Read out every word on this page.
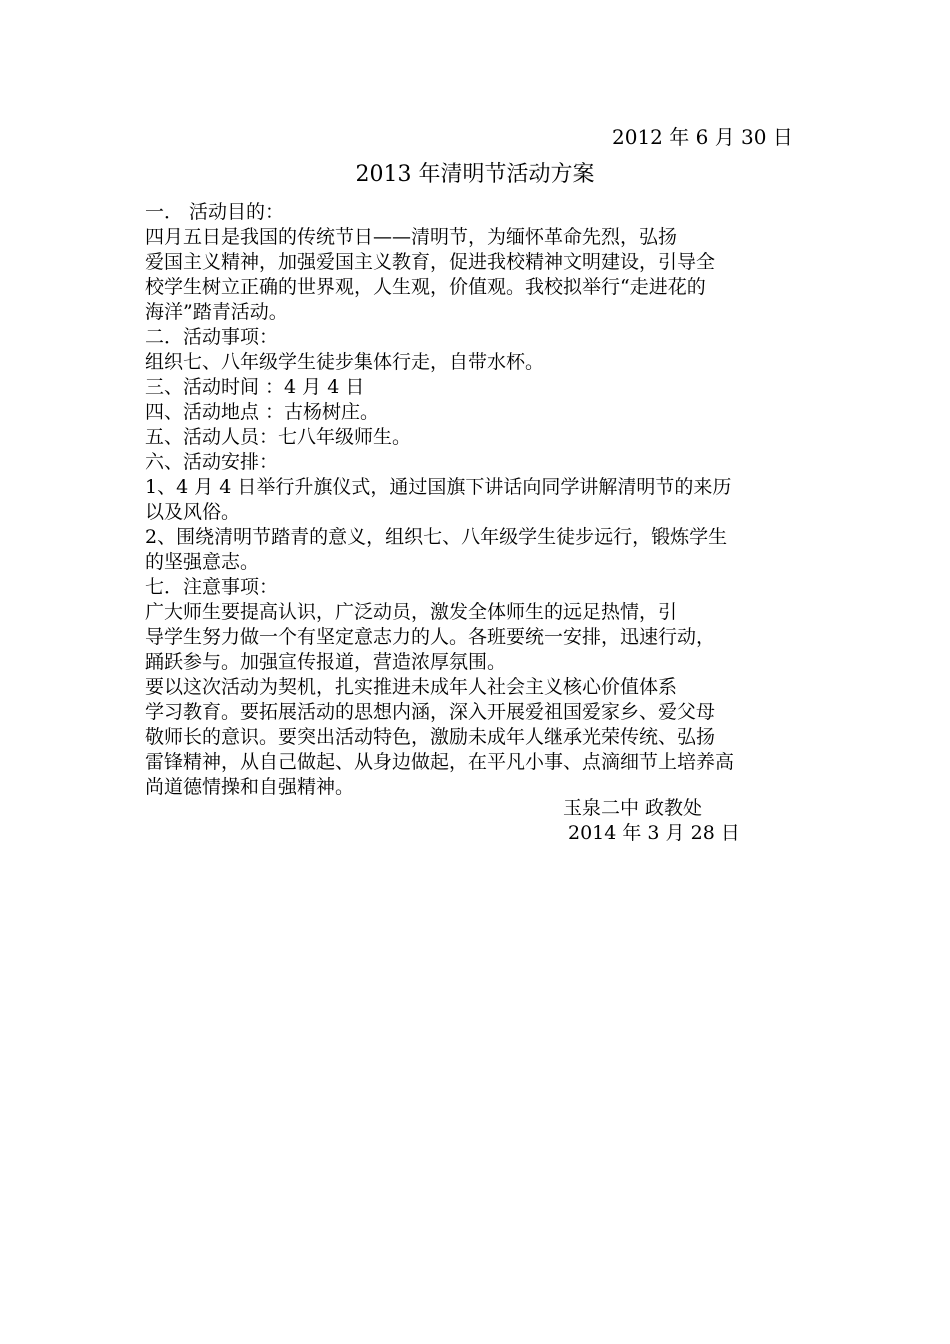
2012 年 6 月 30 日
2013 年清明节活动方案
一． 活动目的：
四月五日是我国的传统节日——清明节，为缅怀革命先烈，弘扬
爱国主义精神，加强爱国主义教育，促进我校精神文明建设，引导全
校学生树立正确的世界观，人生观，价值观。我校拟举行“走进花的
海洋”踏青活动。
二．活动事项：
组织七、八年级学生徒步集体行走，自带水杯。
三、活动时间 ：4 月 4 日
四、活动地点 ：古杨树庄。
五、活动人员：七八年级师生。
六、活动安排：
1、4 月 4 日举行升旗仪式，通过国旗下讲话向同学讲解清明节的来历
以及风俗。
2、围绕清明节踏青的意义，组织七、八年级学生徒步远行，锻炼学生
的坚强意志。
七．注意事项：
广大师生要提高认识，广泛动员，激发全体师生的远足热情，引
导学生努力做一个有坚定意志力的人。各班要统一安排，迅速行动，
踊跃参与。加强宣传报道，营造浓厚氛围。
要以这次活动为契机，扎实推进未成年人社会主义核心价值体系
学习教育。要拓展活动的思想内涵，深入开展爱祖国爱家乡、爱父母
敬师长的意识。要突出活动特色，激励未成年人继承光荣传统、弘扬
雷锋精神，从自己做起、从身边做起，在平凡小事、点滴细节上培养高
尚道德情操和自强精神。
玉泉二中 政教处
2014 年 3 月 28 日
